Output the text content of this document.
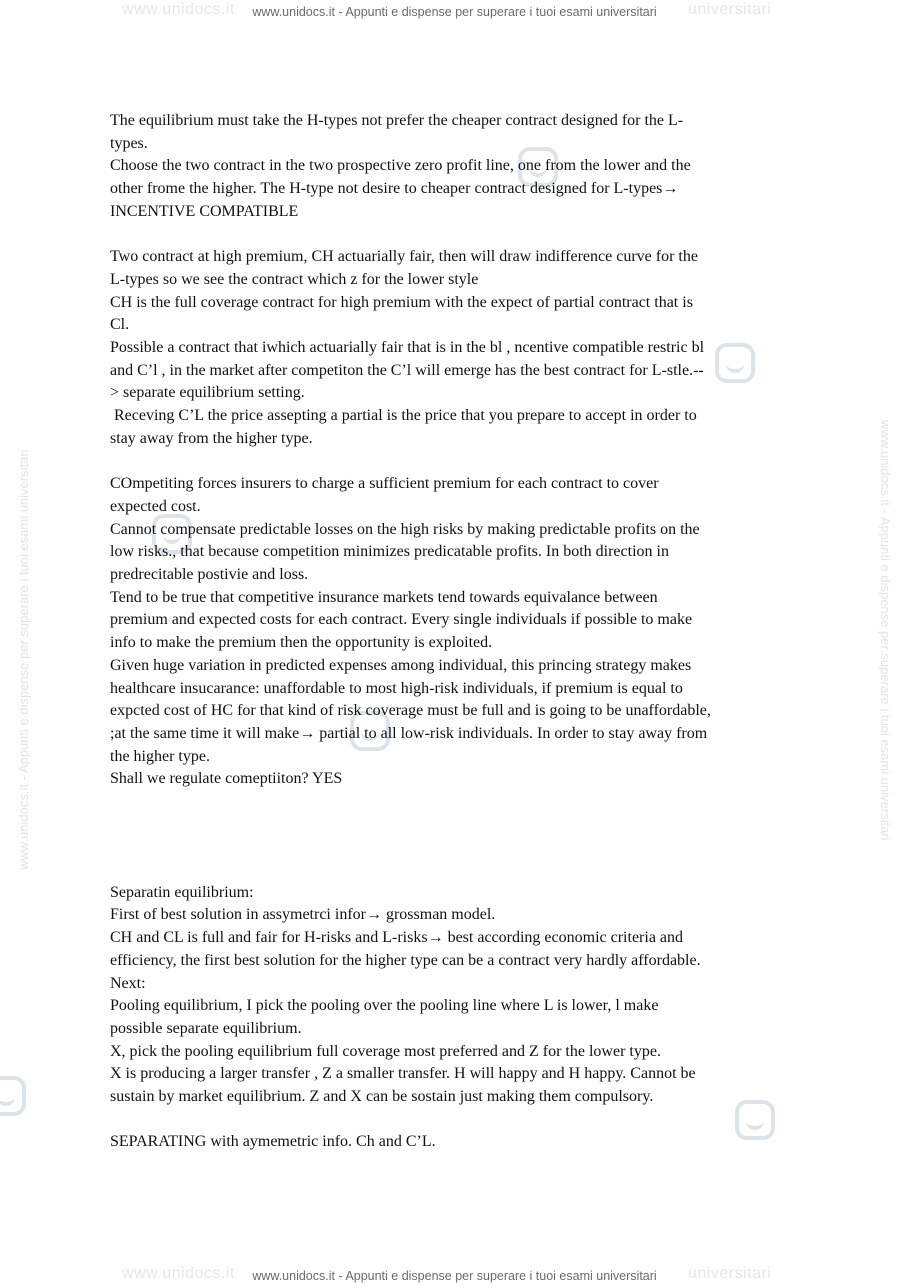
www.unidocs.it www.unidocs.it - Appunti e dispense per superare i tuoi esami universitari universitari
www.unidocs.it - Appunti e dispense per superare i tuoi esami universitari	www.unidocs.it - Appunti e dispense per superare i tuoi esami universitari
The equilibrium must take the H-types not prefer the cheaper contract designed for the L-
types.
Choose the two contract in the two prospective zero profit line, one from the lower and the
other frome the higher. The H-type not desire to cheaper contract designed for L-types→
INCENTIVE COMPATIBLE
Two contract at high premium, CH actuarially fair, then will draw indifference curve for the
L-types so we see the contract which z for the lower style
CH is the full coverage contract for high premium with the expect of partial contract that is
Cl.
Possible a contract that iwhich actuarially fair that is in the bl , ncentive compatible restric bl
and C’l , in the market after competiton the C’l will emerge has the best contract for L-stle.--
> separate equilibrium setting.
Receving C’L the price assepting a partial is the price that you prepare to accept in order to
stay away from the higher type.
COmpetiting forces insurers to charge a sufficient premium for each contract to cover
expected cost.
Cannot compensate predictable losses on the high risks by making predictable profits on the
low risks., that because competition minimizes predicatable profits. In both direction in
predrecitable postivie and loss.
Tend to be true that competitive insurance markets tend towards equivalance between
premium and expected costs for each contract. Every single individuals if possible to make
info to make the premium then the opportunity is exploited.
Given huge variation in predicted expenses among individual, this princing strategy makes
healthcare insucarance: unaffordable to most high-risk individuals, if premium is equal to
expcted cost of HC for that kind of risk coverage must be full and is going to be unaffordable,
;at the same time it will make→ partial to all low-risk individuals. In order to stay away from
the higher type.
Shall we regulate comeptiiton? YES
Separatin equilibrium:
First of best solution in assymetrci infor→ grossman model.
CH and CL is full and fair for H-risks and L-risks→ best according economic criteria and
efficiency, the first best solution for the higher type can be a contract very hardly affordable.
Next:
Pooling equilibrium, I pick the pooling over the pooling line where L is lower, l make
possible separate equilibrium.
X, pick the pooling equilibrium full coverage most preferred and Z for the lower type.
X is producing a larger transfer , Z a smaller transfer. H will happy and H happy. Cannot be
sustain by market equilibrium. Z and X can be sostain just making them compulsory.
SEPARATING with aymemetric info. Ch and C’L.
www.unidocs.it www.unidocs.it - Appunti e dispense per superare i tuoi esami universitari universitari
